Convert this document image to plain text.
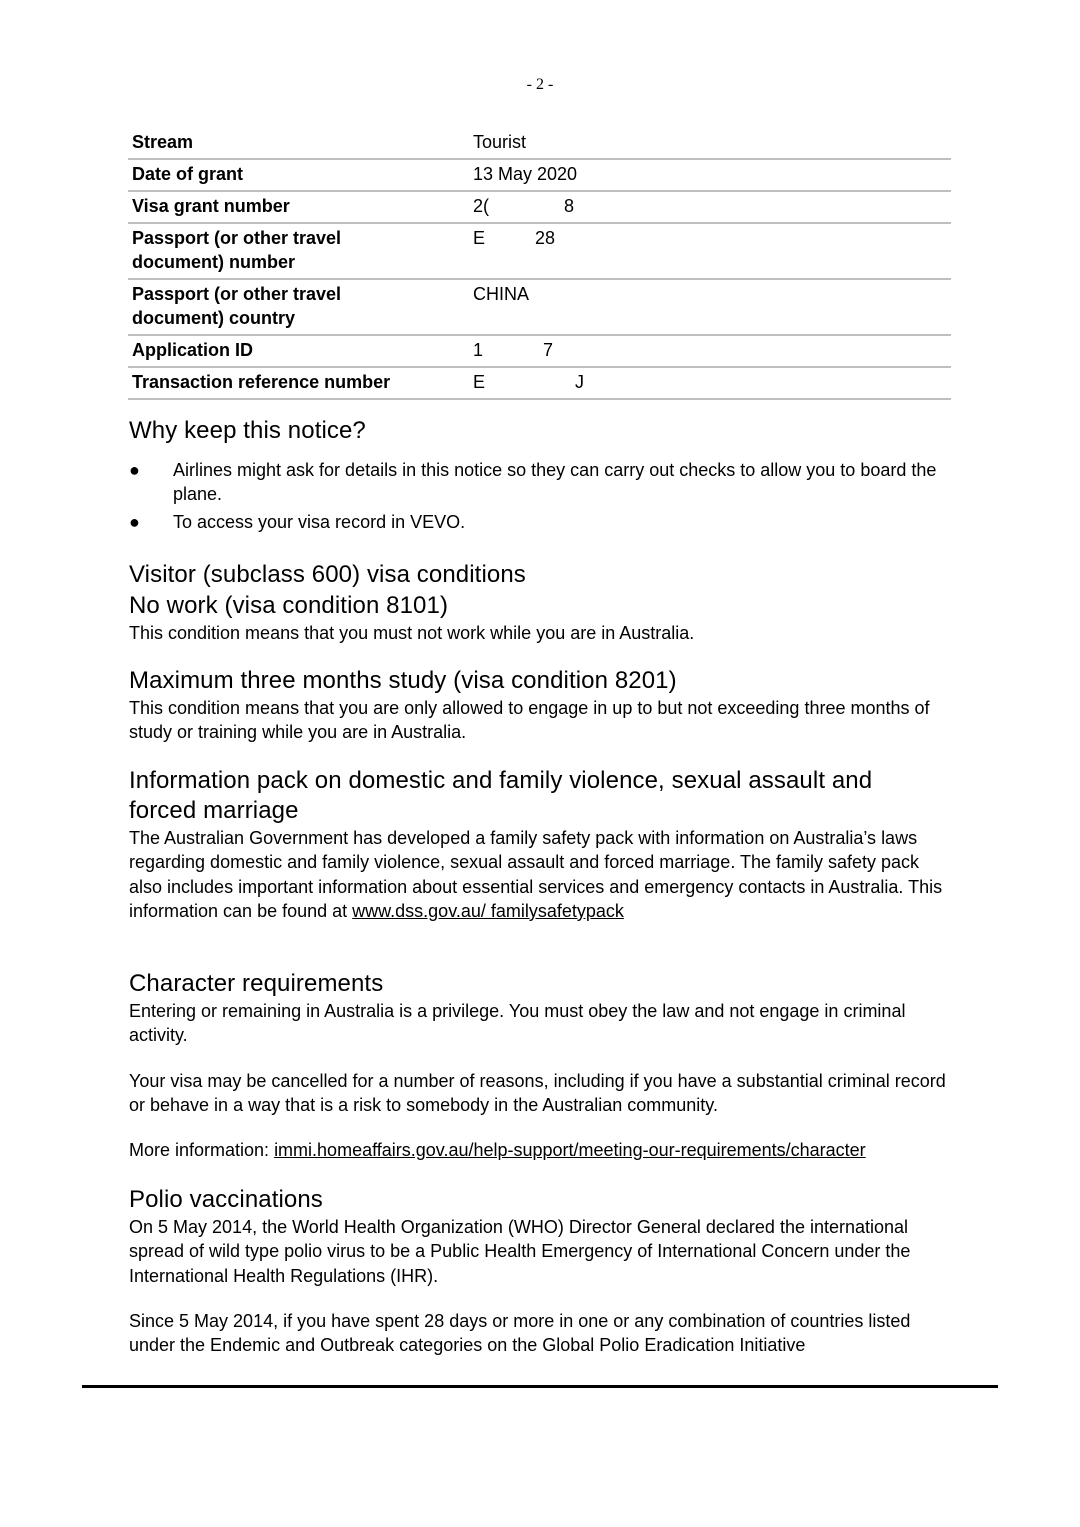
- 2 -
Stream	Tourist
Date of grant	13 May 2020
Visa grant number	2(               8
Passport (or other travel document) number	E          28
Passport (or other travel document) country	CHINA
Application ID	1            7
Transaction reference number	E                  J
Why keep this notice?
● Airlines might ask for details in this notice so they can carry out checks to allow you to board the plane.
● To access your visa record in VEVO.
Visitor (subclass 600) visa conditions
No work (visa condition 8101)

This condition means that you must not work while you are in Australia.

Maximum three months study (visa condition 8201)

This condition means that you are only allowed to engage in up to but not exceeding three months of study or training while you are in Australia.

Information pack on domestic and family violence, sexual assault and forced marriage

The Australian Government has developed a family safety pack with information on Australia’s laws regarding domestic and family violence, sexual assault and forced marriage. The family safety pack also includes important information about essential services and emergency contacts in Australia. This information can be found at www.dss.gov.au/ familysafetypack

Character requirements

Entering or remaining in Australia is a privilege. You must obey the law and not engage in criminal activity.

Your visa may be cancelled for a number of reasons, including if you have a substantial criminal record or behave in a way that is a risk to somebody in the Australian community.

More information: immi.homeaffairs.gov.au/help-support/meeting-our-requirements/character

Polio vaccinations

On 5 May 2014, the World Health Organization (WHO) Director General declared the international spread of wild type polio virus to be a Public Health Emergency of International Concern under the International Health Regulations (IHR).

Since 5 May 2014, if you have spent 28 days or more in one or any combination of countries listed under the Endemic and Outbreak categories on the Global Polio Eradication Initiative
